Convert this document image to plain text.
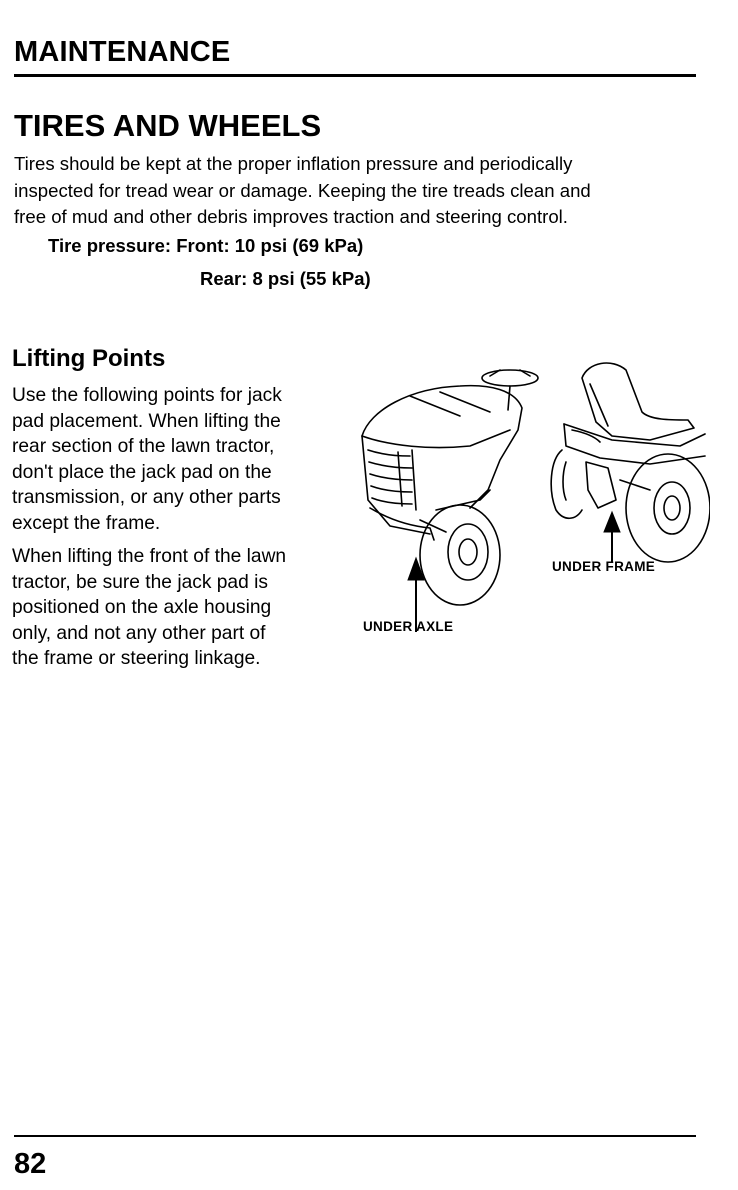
MAINTENANCE
TIRES AND WHEELS

Tires should be kept at the proper inflation pressure and periodically
inspected for tread wear or damage. Keeping the tire treads clean and
free of mud and other debris improves traction and steering control.

Tire pressure: Front: 10 psi (69 kPa)

Rear: 8 psi (55 kPa)

Lifting Points

Use the following points for jack
pad placement. When lifting the
rear section of the lawn tractor,
don't place the jack pad on the
transmission, or any other parts
except the frame.

When lifting the front of the lawn
tractor, be sure the jack pad is
positioned on the axle housing
only, and not any other part of
the frame or steering linkage.

UNDER FRAME
UNDER AXLE
82
